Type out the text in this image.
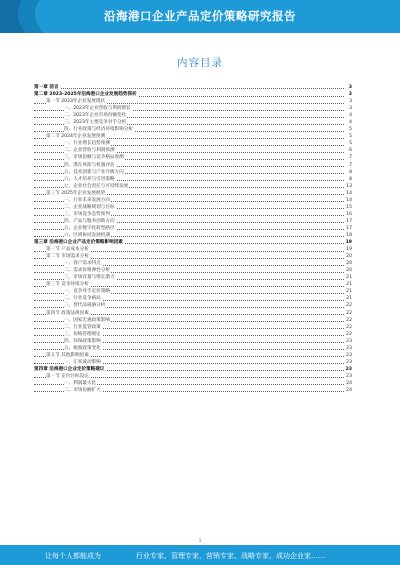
沿海港口企业产品定价策略研究报告
内容目录
第一章 前言	3
第二章 2023-2025年沿海港口企业发展趋势探析	3
第一节 2023年企业发展现状	3
一、2023年企业营收与利润增长	3
二、2023年企业市场份额变化	4
三、2023年主要竞争对手分析	4
四、行业政策与经济环境影响分析	5
第二节 2024年企业发展预测	5
一、行业增长趋势预测	5
二、企业营收与利润预测	6
三、市场份额与竞争格局预测	7
四、潜在风险与机遇评估	7
五、技术创新与产业升级方向	8
六、人才培养与引进策略	8
七、企业社会责任与可持续发展	13
第三节 2025年企业发展展望	14
一、行业未来发展方向	14
二、企业战略规划与目标	15
三、市场竞争态势预判	16
四、产品与服务创新方向	17
五、企业数字化转型路径	17
六、区域协同发展机遇	18
第三章 沿海港口企业产品定价策略影响因素	19
第一节 产品成本分析	19
第二节 市场需求分析	20
一、客户需求特点	20
二、需求价格弹性分析	20
三、市场容量与增长潜力	21
第三节 竞争环境分析	21
一、竞争对手定价策略	21
二、行业竞争格局	21
三、替代品威胁分析	22
第四节 政策法规因素	22
一、国家宏观政策影响	22
二、行业监管政策	22
三、价格管理规定	22
四、环保政策影响	23
五、税收政策变化	23
第五节 其他影响因素	23
一、汇率波动影响	23
第四章 沿海港口企业定价策略建议	23
第一节 定价目标设定	23
一、利润最大化	24
二、市场份额扩大	24
1
让每个人都能成为	行业专家、管理专家、营销专家、战略专家、成功企业家……
